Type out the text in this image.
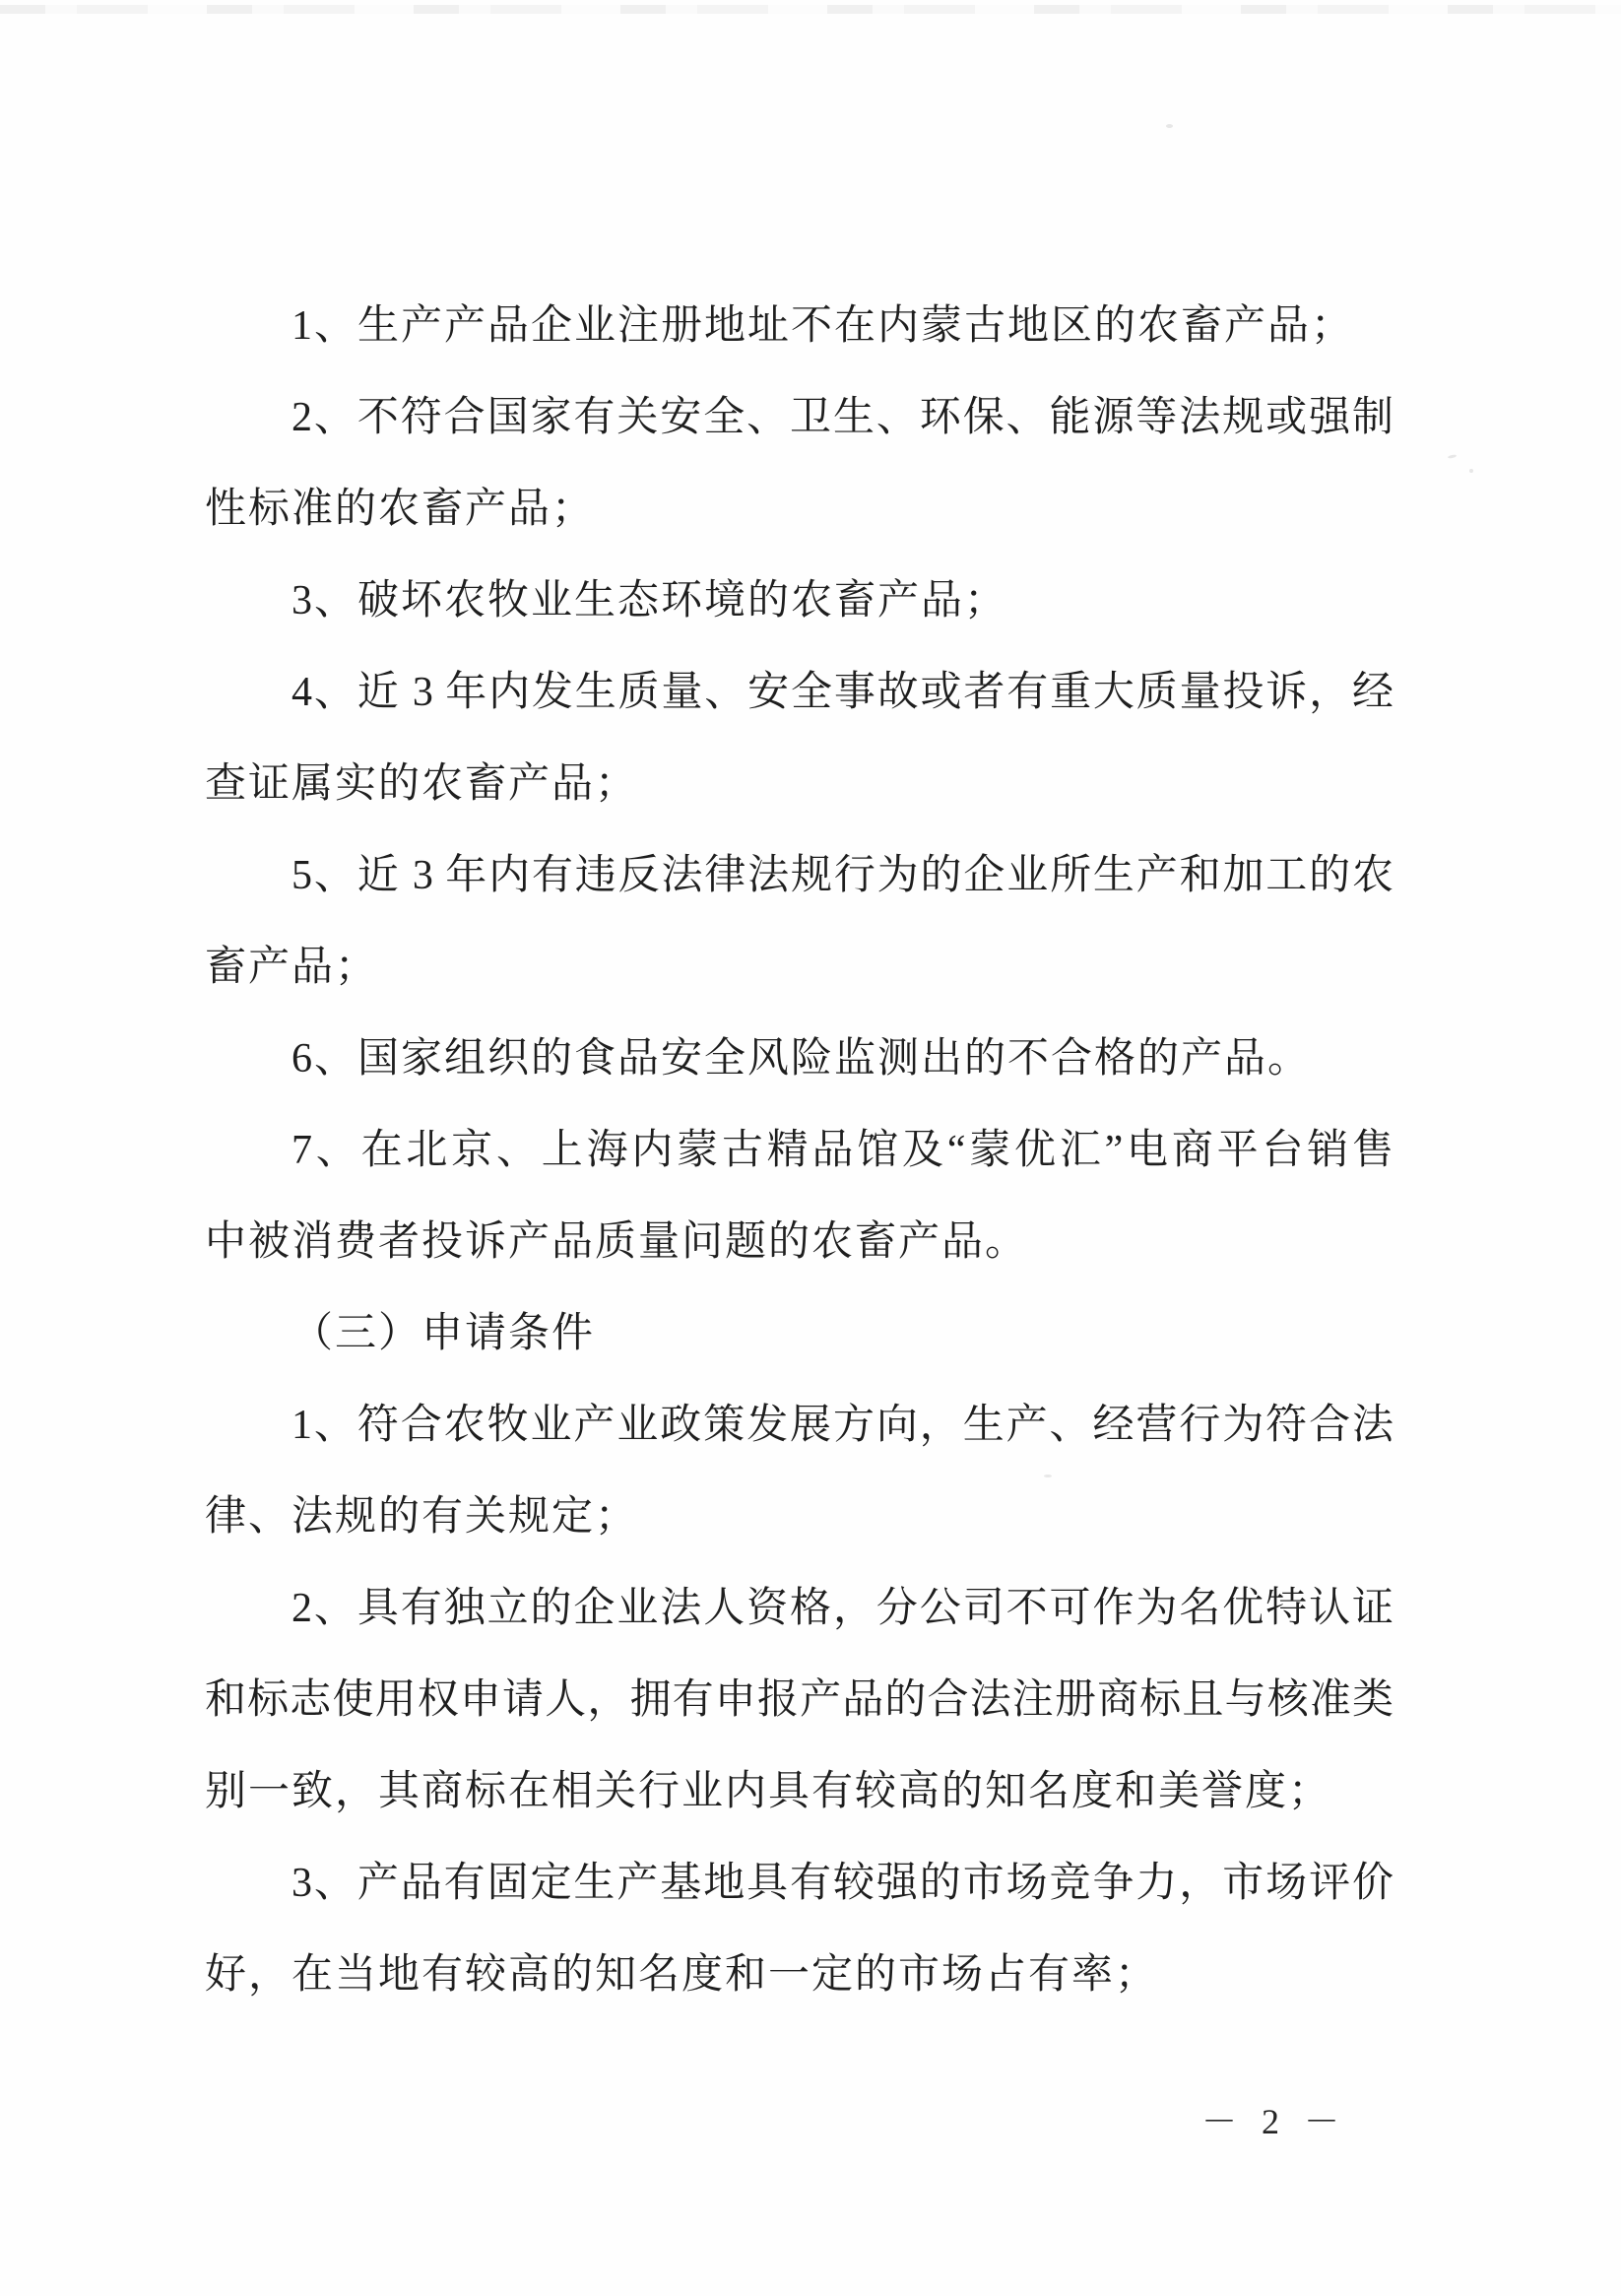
1、生产产品企业注册地址不在内蒙古地区的农畜产品；
2、不符合国家有关安全、卫生、环保、能源等法规或强制
性标准的农畜产品；
3、破坏农牧业生态环境的农畜产品；
4、近 3 年内发生质量、安全事故或者有重大质量投诉，经
查证属实的农畜产品；
5、近 3 年内有违反法律法规行为的企业所生产和加工的农
畜产品；
6、国家组织的食品安全风险监测出的不合格的产品。
7、在北京、上海内蒙古精品馆及“蒙优汇”电商平台销售
中被消费者投诉产品质量问题的农畜产品。
（三）申请条件
1、符合农牧业产业政策发展方向，生产、经营行为符合法
律、法规的有关规定；
2、具有独立的企业法人资格，分公司不可作为名优特认证
和标志使用权申请人，拥有申报产品的合法注册商标且与核准类
别一致，其商标在相关行业内具有较高的知名度和美誉度；
3、产品有固定生产基地具有较强的市场竞争力，市场评价
好，在当地有较高的知名度和一定的市场占有率；
－ 2 －
